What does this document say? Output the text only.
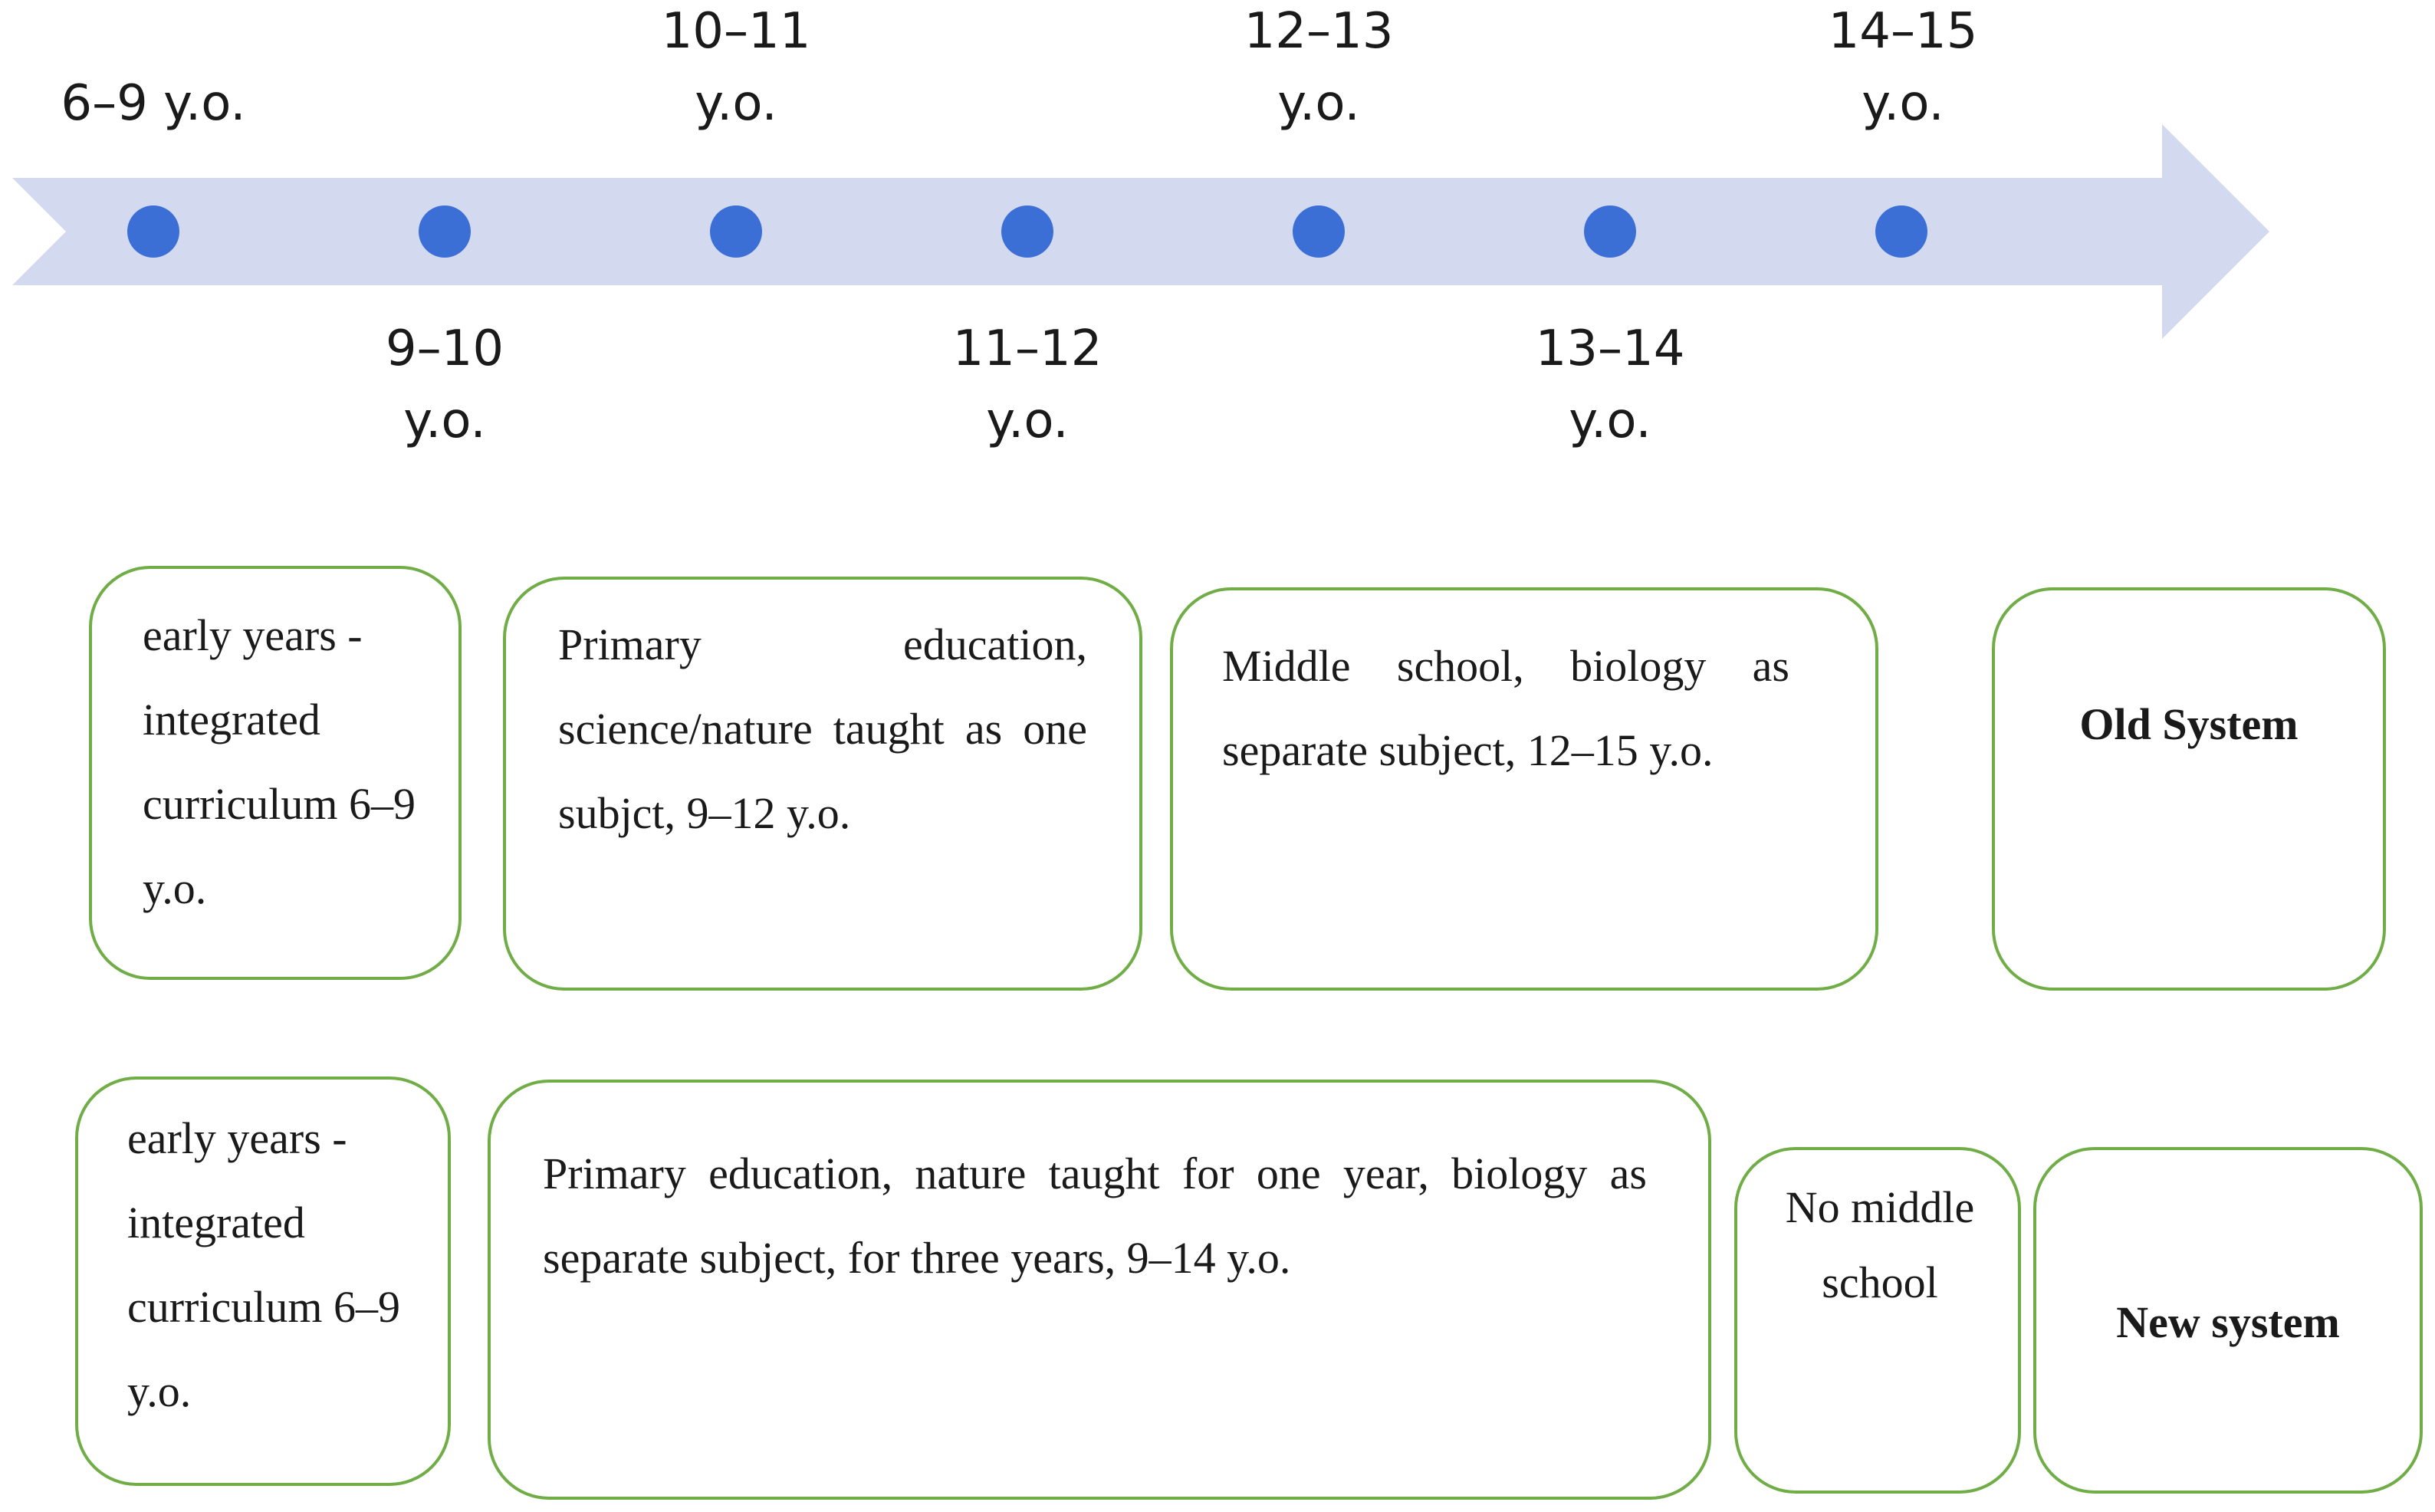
6–9 y.o.
9–10
y.o.
10–11
y.o.
11–12
y.o.
12–13
y.o.
13–14
y.o.
14–15
y.o.
early years - integrated curriculum 6–9 y.o.
Primary education, science/nature taught as one subjct, 9–12 y.o.
Middle school, biology as separate subject, 12–15 y.o.
Old System
early years - integrated curriculum 6–9 y.o.
Primary education, nature taught for one year, biology as separate subject, for three years, 9–14 y.o.
No middle school
New system
